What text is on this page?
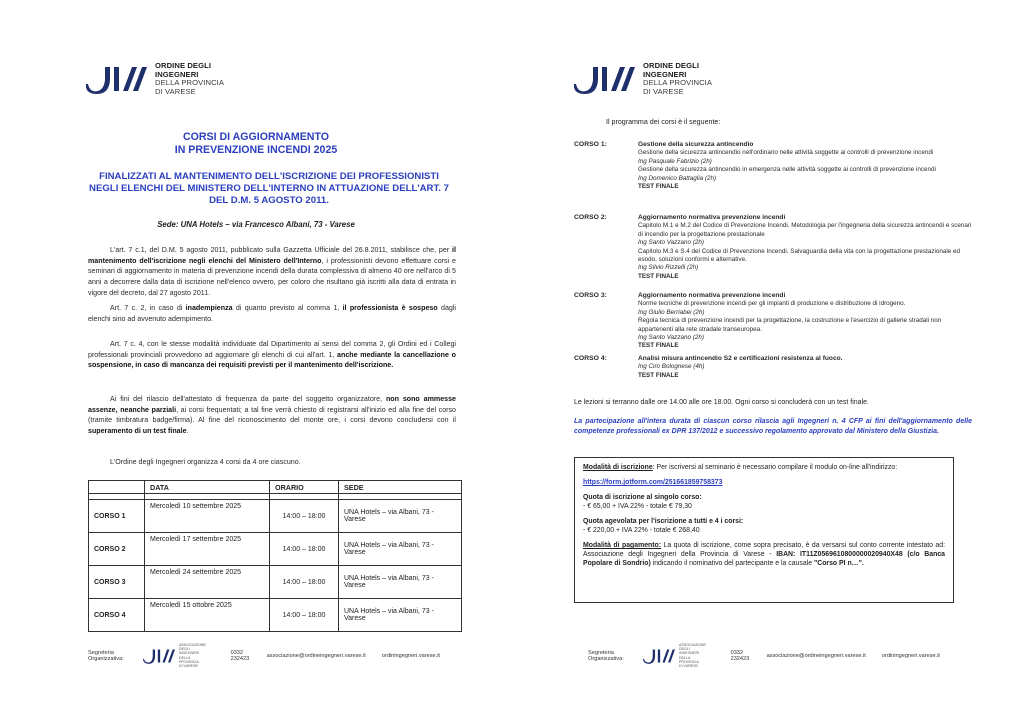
ORDINE DEGLI
INGEGNERI
DELLA PROVINCIA
DI VARESE
CORSI DI AGGIORNAMENTO
IN PREVENZIONE INCENDI 2025
FINALIZZATI AL MANTENIMENTO DELL'ISCRIZIONE DEI PROFESSIONISTI NEGLI ELENCHI DEL MINISTERO DELL'INTERNO IN ATTUAZIONE DELL'ART. 7 DEL D.M. 5 AGOSTO 2011.
Sede: UNA Hotels – via Francesco Albani, 73 - Varese
L'art. 7 c.1, del D.M. 5 agosto 2011, pubblicato sulla Gazzetta Ufficiale del 26.8.2011, stabilisce che, per il mantenimento dell'iscrizione negli elenchi del Ministero dell'Interno, i professionisti devono effettuare corsi e seminari di aggiornamento in materia di prevenzione incendi della durata complessiva di almeno 40 ore nell'arco di 5 anni a decorrere dalla data di iscrizione nell'elenco ovvero, per coloro che risultano già iscritti alla data di entrata in vigore del decreto, dal 27 agosto 2011.
Art. 7 c. 2, in caso di inadempienza di quanto previsto al comma 1, il professionista è sospeso dagli elenchi sino ad avvenuto adempimento.
Art. 7 c. 4, con le stesse modalità individuate dal Dipartimento ai sensi del comma 2, gli Ordini ed i Collegi professionali provinciali provvedono ad aggiornare gli elenchi di cui all'art. 1, anche mediante la cancellazione o sospensione, in caso di mancanza dei requisiti previsti per il mantenimento dell'iscrizione.
Ai fini del rilascio dell'attestato di frequenza da parte del soggetto organizzatore, non sono ammesse assenze, neanche parziali, ai corsi frequentati; a tal fine verrà chiesto di registrarsi all'inizio ed alla fine del corso (tramite timbratura badge/firma). Al fine del riconoscimento del monte ore, i corsi devono concludersi con il superamento di un test finale.
L'Ordine degli Ingegneri organizza 4 corsi da 4 ore ciascuno.
	DATA	ORARIO	SEDE

CORSO 1	Mercoledì 10 settembre 2025	14:00 – 18:00	UNA Hotels – via Albani, 73 - Varese
CORSO 2	Mercoledì 17 settembre 2025	14:00 – 18:00	UNA Hotels – via Albani, 73 - Varese
CORSO 3	Mercoledì 24 settembre 2025	14:00 – 18:00	UNA Hotels – via Albani, 73 - Varese
CORSO 4	Mercoledì 15 ottobre 2025	14:00 – 18:00	UNA Hotels – via Albani, 73 - Varese
Segreteria Organizzativa:
ASSOCIAZIONE
DEGLI INGEGNERI
DELLA PROVINCIA
DI VARESE
0332 232423	associazione@ordineingegneri.varese.it	ordiningegneri.varese.it
ORDINE DEGLI
INGEGNERI
DELLA PROVINCIA
DI VARESE
Il programma dei corsi è il seguente:
CORSO 1:	Gestione della sicurezza antincendio
Gestione della sicurezza antincendio nell'ordinario nelle attività soggette ai controlli di prevenzione incendi
Ing Pasquale Fabrizio (2h)
Gestione della sicurezza antincendio in emergenza nelle attività soggette ai controlli di prevenzione incendi
Ing Domenico Battaglia (2h)
TEST FINALE
CORSO 2:	Aggiornamento normativa prevenzione incendi
Capitolo M.1 e M.2 del Codice di Prevenzione Incendi. Metodologia per l'ingegneria della sicurezza antincendi e scenari di incendio per la progettazione prestazionale
Ing Santo Vazzano (2h)
Capitolo M.3 e S.4 del Codice di Prevenzione Incendi. Salvaguardia della vita con la progettazione prestazionale ed esodo, soluzioni conformi e alternative.
Ing Silvio Rizzelli (2h)
TEST FINALE
CORSO 3:	Aggiornamento normativa prevenzione incendi
Norme tecniche di prevenzione incendi per gli impianti di produzione e distribuzione di idrogeno.
Ing Giulio Berriabei (2h)
Regola tecnica di prevenzione incendi per la progettazione, la costruzione e l'esercizio di gallerie stradali non appartenenti alla rete stradale transeuropea.
Ing Santo Vazzano (2h)
TEST FINALE
CORSO 4:	Analisi misura antincendio S2 e certificazioni resistenza al fuoco.
Ing Ciro Bolognese (4h)
TEST FINALE
Le lezioni si terranno dalle ore 14.00 alle ore 18.00. Ogni corso si concluderà con un test finale.
La partecipazione all'intera durata di ciascun corso rilascia agli Ingegneri n. 4 CFP ai fini dell'aggiornamento delle competenze professionali ex DPR 137/2012 e successivo regolamento approvato dal Ministero della Giustizia.

Modalità di iscrizione: Per iscriversi al seminario è necessario compilare il modulo on-line all'indirizzo:

https://form.jotform.com/251661859758373

Quota di iscrizione al singolo corso:
- € 65,00 + IVA 22% - totale € 79,30

Quota agevolata per l'iscrizione a tutti e 4 i corsi:
- € 220,00 + IVA 22% - totale € 268,40

Modalità di pagamento: La quota di iscrizione, come sopra precisato, è da versarsi sul conto corrente intestato ad: Associazione degli Ingegneri della Provincia di Varese - IBAN: IT11Z0569610800000020940X48 (c/o Banca Popolare di Sondrio) indicando il nominativo del partecipante e la causale "Corso PI n…".

Segreteria Organizzativa:
ASSOCIAZIONE
DEGLI INGEGNERI
DELLA PROVINCIA
DI VARESE
0332 232423	associazione@ordineingegneri.varese.it	ordiningegneri.varese.it
